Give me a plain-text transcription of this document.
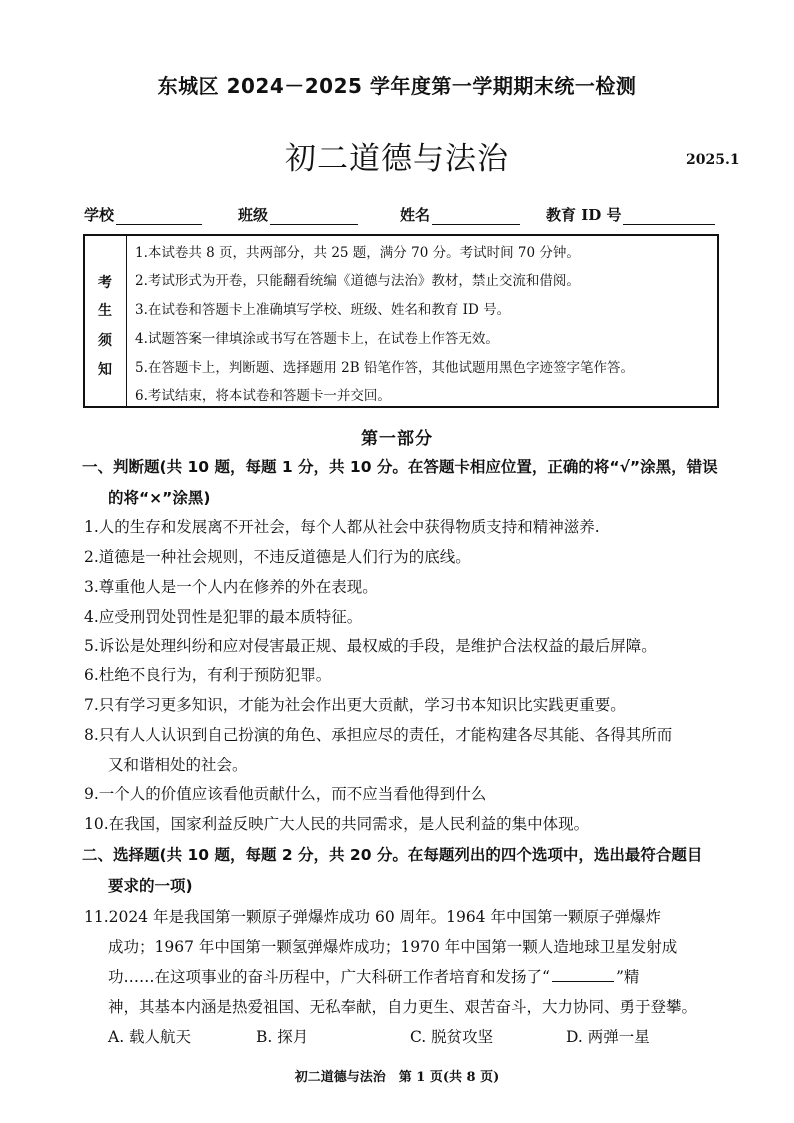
东城区 2024－2025 学年度第一学期期末统一检测
初二道德与法治	2025.1
学校	班级	姓名	教育 ID 号
考
生
须
知
1.本试卷共 8 页，共两部分，共 25 题，满分 70 分。考试时间 70 分钟。
2.考试形式为开卷，只能翻看统编《道德与法治》教材，禁止交流和借阅。
3.在试卷和答题卡上准确填写学校、班级、姓名和教育 ID 号。
4.试题答案一律填涂或书写在答题卡上，在试卷上作答无效。
5.在答题卡上，判断题、选择题用 2B 铅笔作答，其他试题用黑色字迹签字笔作答。
6.考试结束，将本试卷和答题卡一并交回。
第一部分
一、判断题(共 10 题，每题 1 分，共 10 分。在答题卡相应位置，正确的将“√”涂黑，错误
的将“×”涂黑)
1.人的生存和发展离不开社会，每个人都从社会中获得物质支持和精神滋养.
2.道德是一种社会规则，不违反道德是人们行为的底线。
3.尊重他人是一个人内在修养的外在表现。
4.应受刑罚处罚性是犯罪的最本质特征。
5.诉讼是处理纠纷和应对侵害最正规、最权威的手段，是维护合法权益的最后屏障。
6.杜绝不良行为，有利于预防犯罪。
7.只有学习更多知识，才能为社会作出更大贡献，学习书本知识比实践更重要。
8.只有人人认识到自己扮演的角色、承担应尽的责任，才能构建各尽其能、各得其所而
又和谐相处的社会。
9.一个人的价值应该看他贡献什么，而不应当看他得到什么
10.在我国，国家利益反映广大人民的共同需求，是人民利益的集中体现。
二、选择题(共 10 题，每题 2 分，共 20 分。在每题列出的四个选项中，选出最符合题目
要求的一项)
11.2024 年是我国第一颗原子弹爆炸成功 60 周年。1964 年中国第一颗原子弹爆炸
成功；1967 年中国第一颗氢弹爆炸成功；1970 年中国第一颗人造地球卫星发射成
功……在这项事业的奋斗历程中，广大科研工作者培育和发扬了“	”精
神，其基本内涵是热爱祖国、无私奉献，自力更生、艰苦奋斗，大力协同、勇于登攀。
A. 载人航天	B. 探月	C. 脱贫攻坚	D. 两弹一星
初二道德与法治　第 1 页(共 8 页)
